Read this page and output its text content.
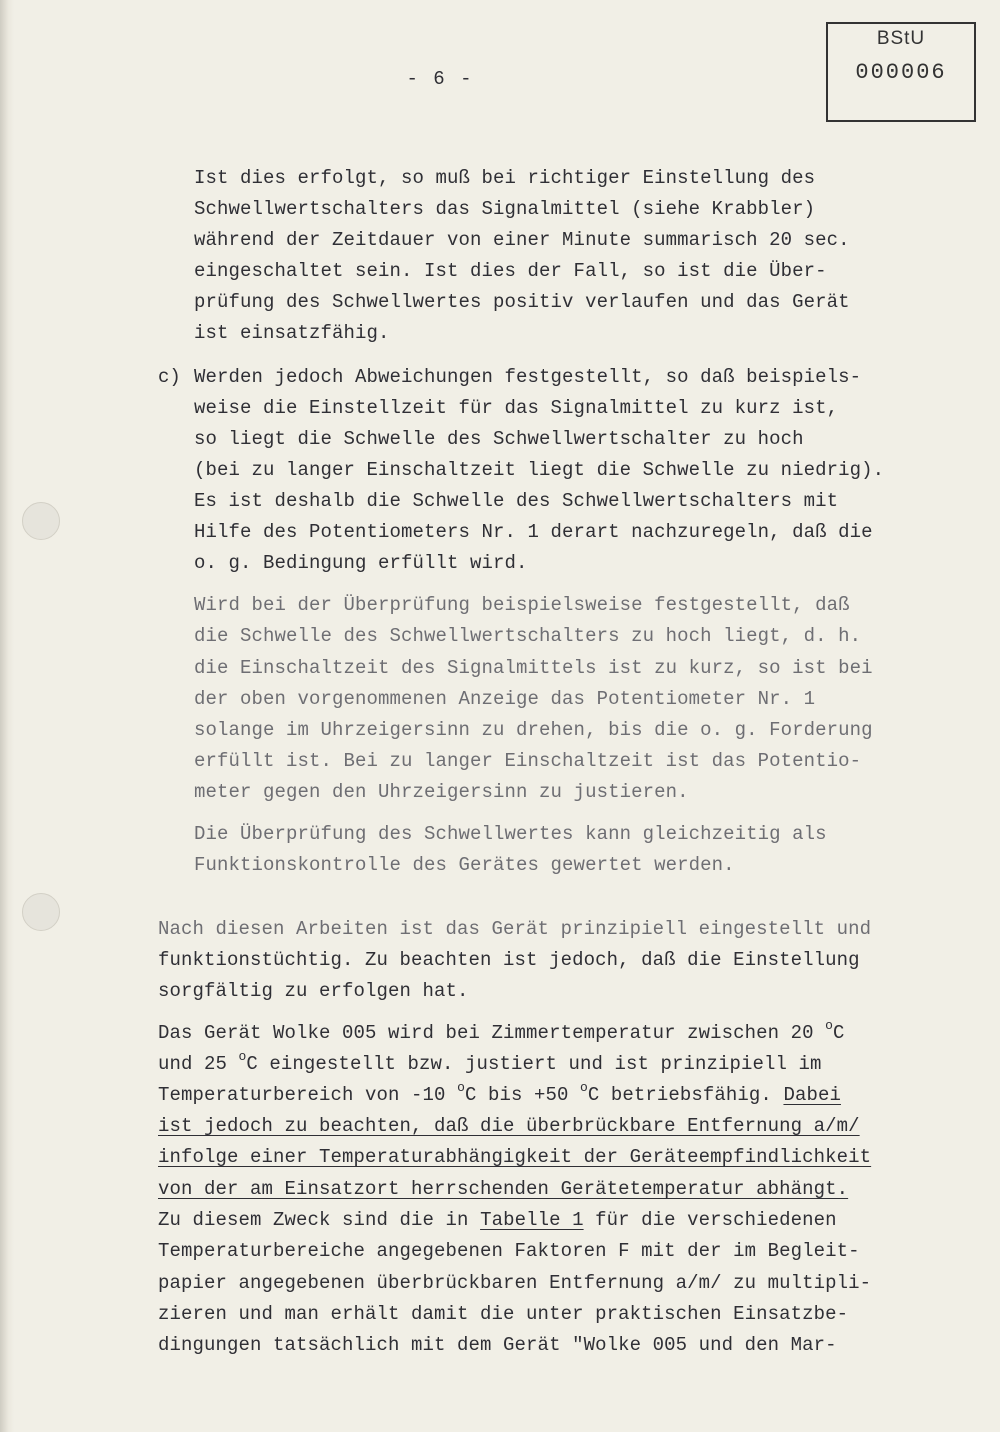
BStU
000006
- 6 -
Ist dies erfolgt, so muß bei richtiger Einstellung des
Schwellwertschalters das Signalmittel (siehe Krabbler)
während der Zeitdauer von einer Minute summarisch 20 sec.
eingeschaltet sein. Ist dies der Fall, so ist die Über-
prüfung des Schwellwertes positiv verlaufen und das Gerät
ist einsatzfähig.
c) Werden jedoch Abweichungen festgestellt, so daß beispiels-
weise die Einstellzeit für das Signalmittel zu kurz ist,
so liegt die Schwelle des Schwellwertschalter zu hoch
(bei zu langer Einschaltzeit liegt die Schwelle zu niedrig).
Es ist deshalb die Schwelle des Schwellwertschalters mit
Hilfe des Potentiometers Nr. 1 derart nachzuregeln, daß die
o. g. Bedingung erfüllt wird.
Wird bei der Überprüfung beispielsweise festgestellt, daß
die Schwelle des Schwellwertschalters zu hoch liegt, d. h.
die Einschaltzeit des Signalmittels ist zu kurz, so ist bei
der oben vorgenommenen Anzeige das Potentiometer Nr. 1
solange im Uhrzeigersinn zu drehen, bis die o. g. Forderung
erfüllt ist. Bei zu langer Einschaltzeit ist das Potentio-
meter gegen den Uhrzeigersinn zu justieren.
Die Überprüfung des Schwellwertes kann gleichzeitig als
Funktionskontrolle des Gerätes gewertet werden.
Nach diesen Arbeiten ist das Gerät prinzipiell eingestellt und
funktionstüchtig. Zu beachten ist jedoch, daß die Einstellung
sorgfältig zu erfolgen hat.
Das Gerät Wolke 005 wird bei Zimmertemperatur zwischen 20 $^o$C
und 25 $^o$C eingestellt bzw. justiert und ist prinzipiell im
Temperaturbereich von -10 $^o$C bis +50 $^o$C betriebsfähig. Dabei
ist jedoch zu beachten, daß die überbrückbare Entfernung a/m/
infolge einer Temperaturabhängigkeit der Geräteempfindlichkeit
von der am Einsatzort herrschenden Gerätetemperatur abhängt.
Zu diesem Zweck sind die in Tabelle 1 für die verschiedenen
Temperaturbereiche angegebenen Faktoren F mit der im Begleit-
papier angegebenen überbrückbaren Entfernung a/m/ zu multipli-
zieren und man erhält damit die unter praktischen Einsatzbe-
dingungen tatsächlich mit dem Gerät "Wolke 005 und den Mar-
